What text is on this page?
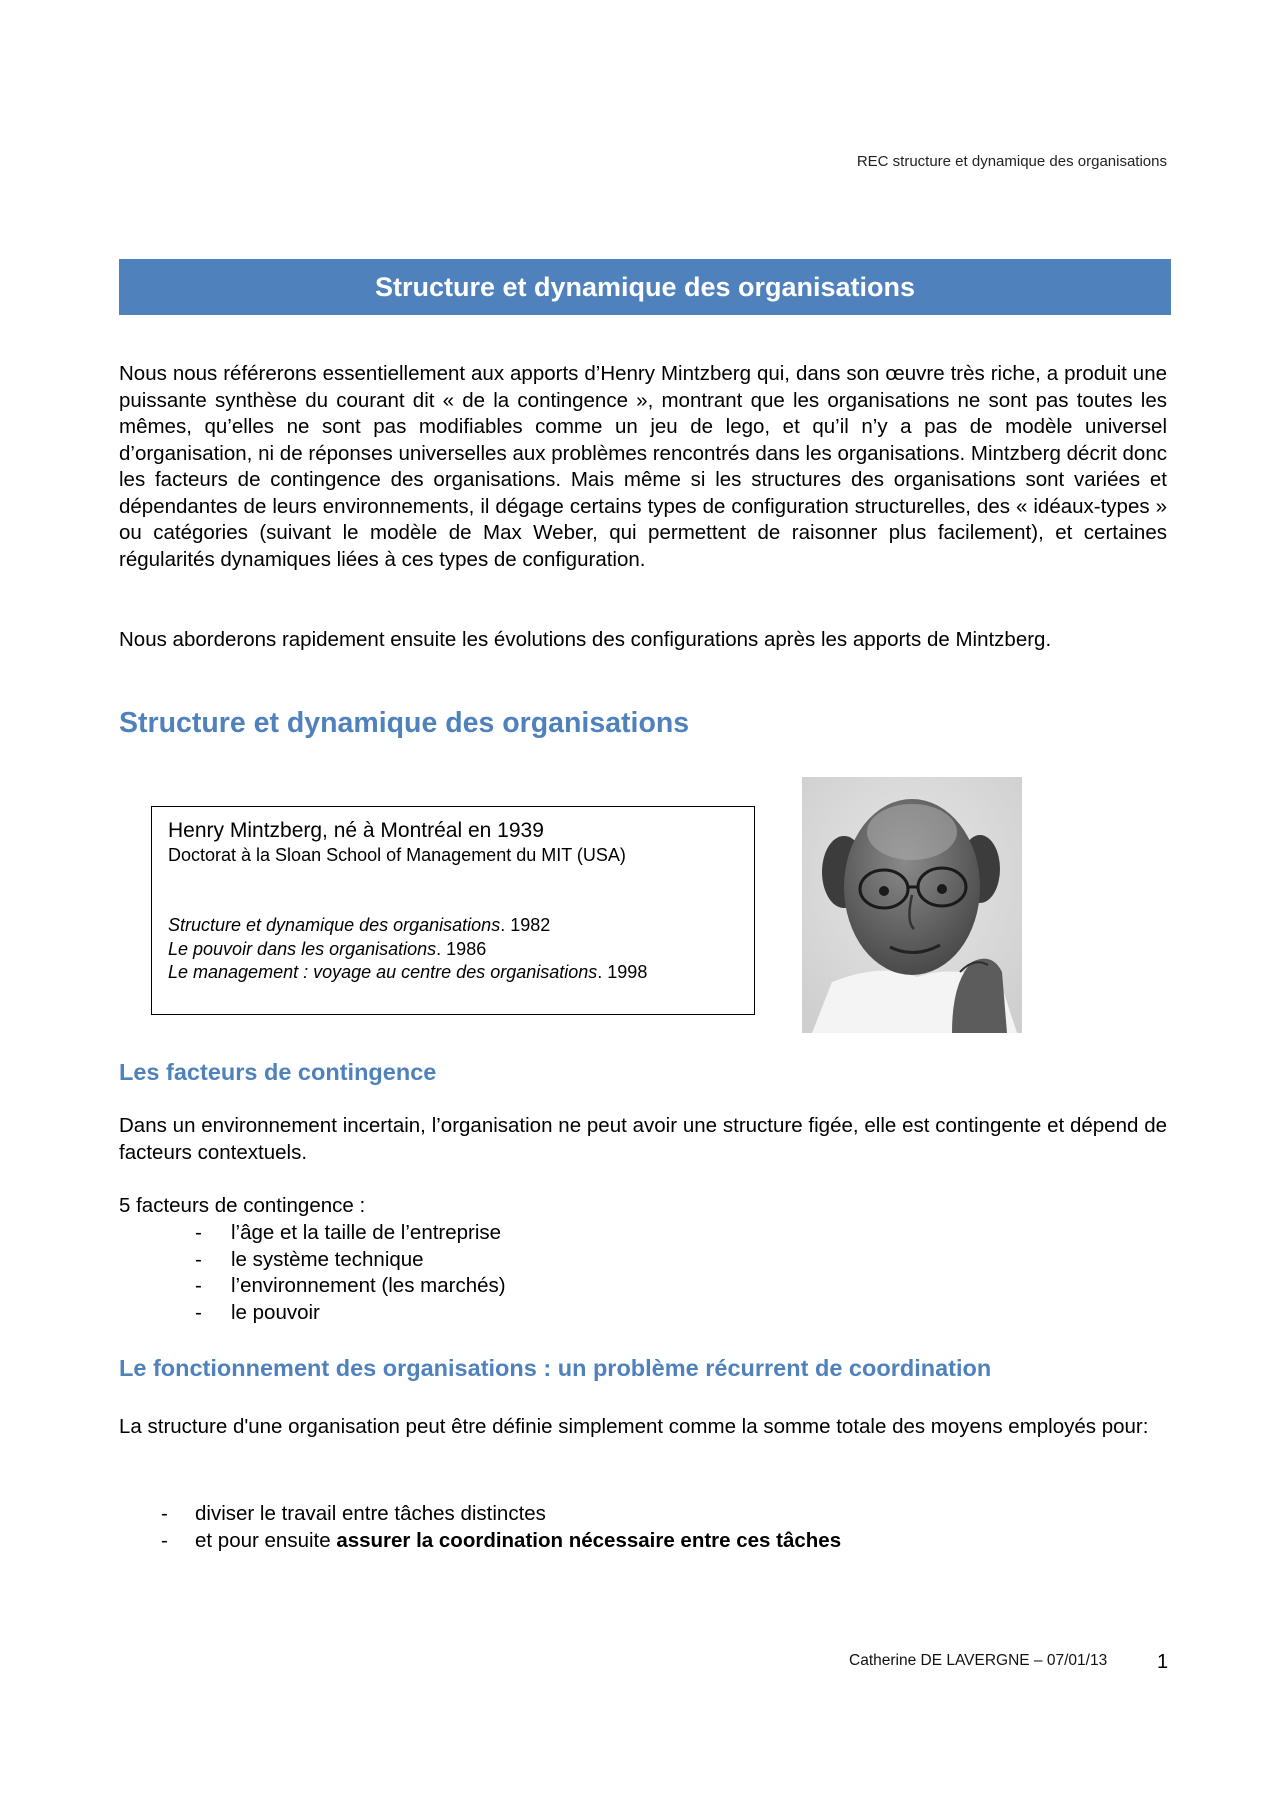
REC structure et dynamique des organisations
Structure et dynamique des organisations

Nous nous référerons essentiellement aux apports d’Henry Mintzberg qui, dans son œuvre très riche, a produit une puissante synthèse du courant dit « de la contingence », montrant que les organisations ne sont pas toutes les mêmes, qu’elles ne sont pas modifiables comme un jeu de lego, et qu’il n’y a pas de modèle universel d’organisation, ni de réponses universelles aux problèmes rencontrés dans les organisations. Mintzberg décrit donc les facteurs de contingence des organisations. Mais même si les structures des organisations sont variées et dépendantes de leurs environnements, il dégage certains types de configuration structurelles, des « idéaux-types » ou catégories (suivant le modèle de Max Weber, qui permettent de raisonner plus facilement), et certaines régularités dynamiques liées à ces types de configuration.

Nous aborderons rapidement ensuite les évolutions des configurations après les apports de Mintzberg.

Structure et dynamique des organisations
Henry Mintzberg, né à Montréal en 1939
Doctorat à la Sloan School of Management du MIT (USA)
Structure et dynamique des organisations. 1982
Le pouvoir dans les organisations. 1986
Le management : voyage au centre des organisations. 1998
Les facteurs de contingence

Dans un environnement incertain, l’organisation ne peut avoir une structure figée, elle est contingente et dépend de facteurs contextuels.

5 facteurs de contingence :
- l’âge et la taille de l’entreprise
- le système technique
- l’environnement (les marchés)
- le pouvoir
Le fonctionnement des organisations : un problème récurrent de coordination

La structure d'une organisation peut être définie simplement comme la somme totale des moyens employés pour:

- diviser le travail entre tâches distinctes
- et pour ensuite assurer la coordination nécessaire entre ces tâches
Catherine DE LAVERGNE – 07/01/13 1
